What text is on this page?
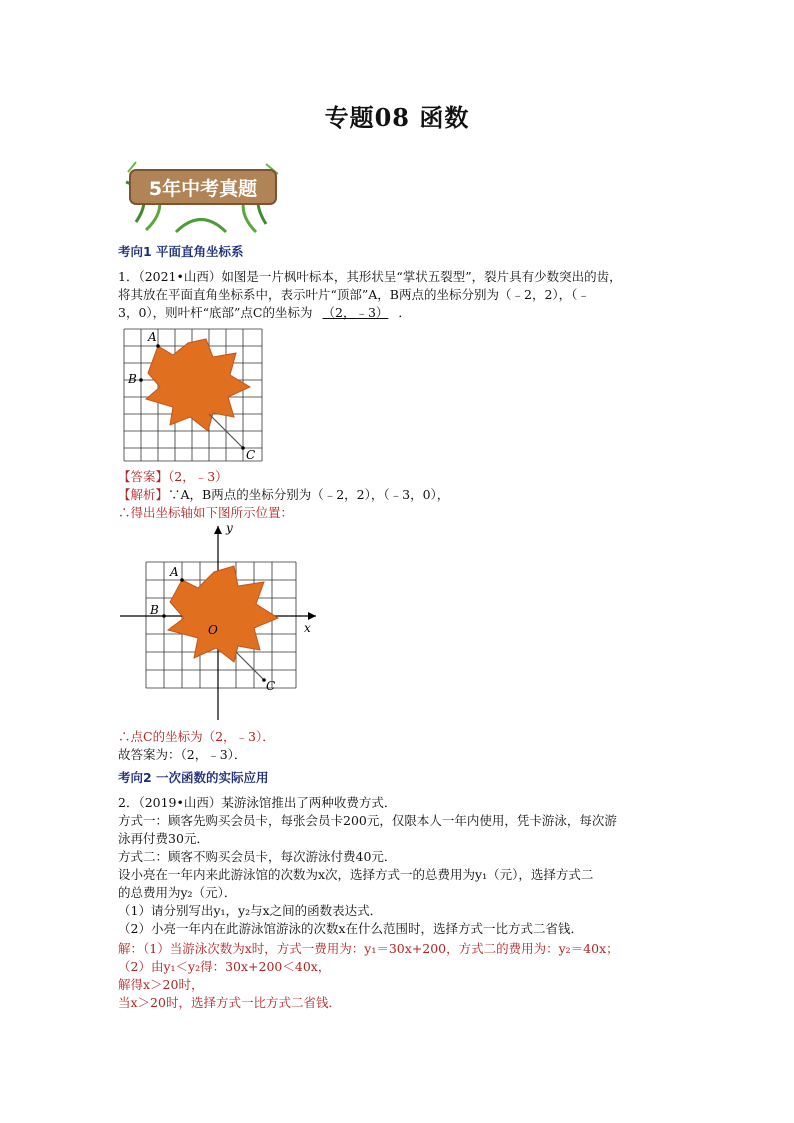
专题08 函数
5年中考真题
考向1 平面直角坐标系
1．（2021•山西）如图是一片枫叶标本，其形状呈“掌状五裂型”，裂片具有少数突出的齿，
将其放在平面直角坐标系中，表示叶片“顶部”A，B两点的坐标分别为（﹣2，2），（﹣
3，0），则叶杆“底部”点C的坐标为 （2，﹣3） ．
A
B
C
【答案】（2，﹣3）
【解析】∵A，B两点的坐标分别为（﹣2，2），（﹣3，0），
∴得出坐标轴如下图所示位置：
A
B
C
O	x
y
∴点C的坐标为（2，﹣3）．
故答案为：（2，﹣3）．
考向2 一次函数的实际应用
2．（2019•山西）某游泳馆推出了两种收费方式．
方式一：顾客先购买会员卡，每张会员卡200元，仅限本人一年内使用，凭卡游泳，每次游
泳再付费30元．
方式二：顾客不购买会员卡，每次游泳付费40元．
设小亮在一年内来此游泳馆的次数为x次，选择方式一的总费用为y₁（元），选择方式二
的总费用为y₂（元）．
（1）请分别写出y₁，y₂与x之间的函数表达式．
（2）小亮一年内在此游泳馆游泳的次数x在什么范围时，选择方式一比方式二省钱．
解：（1）当游泳次数为x时，方式一费用为：y₁＝30x+200，方式二的费用为：y₂＝40x；
（2）由y₁＜y₂得：30x+200＜40x，
解得x＞20时，
当x＞20时，选择方式一比方式二省钱．
